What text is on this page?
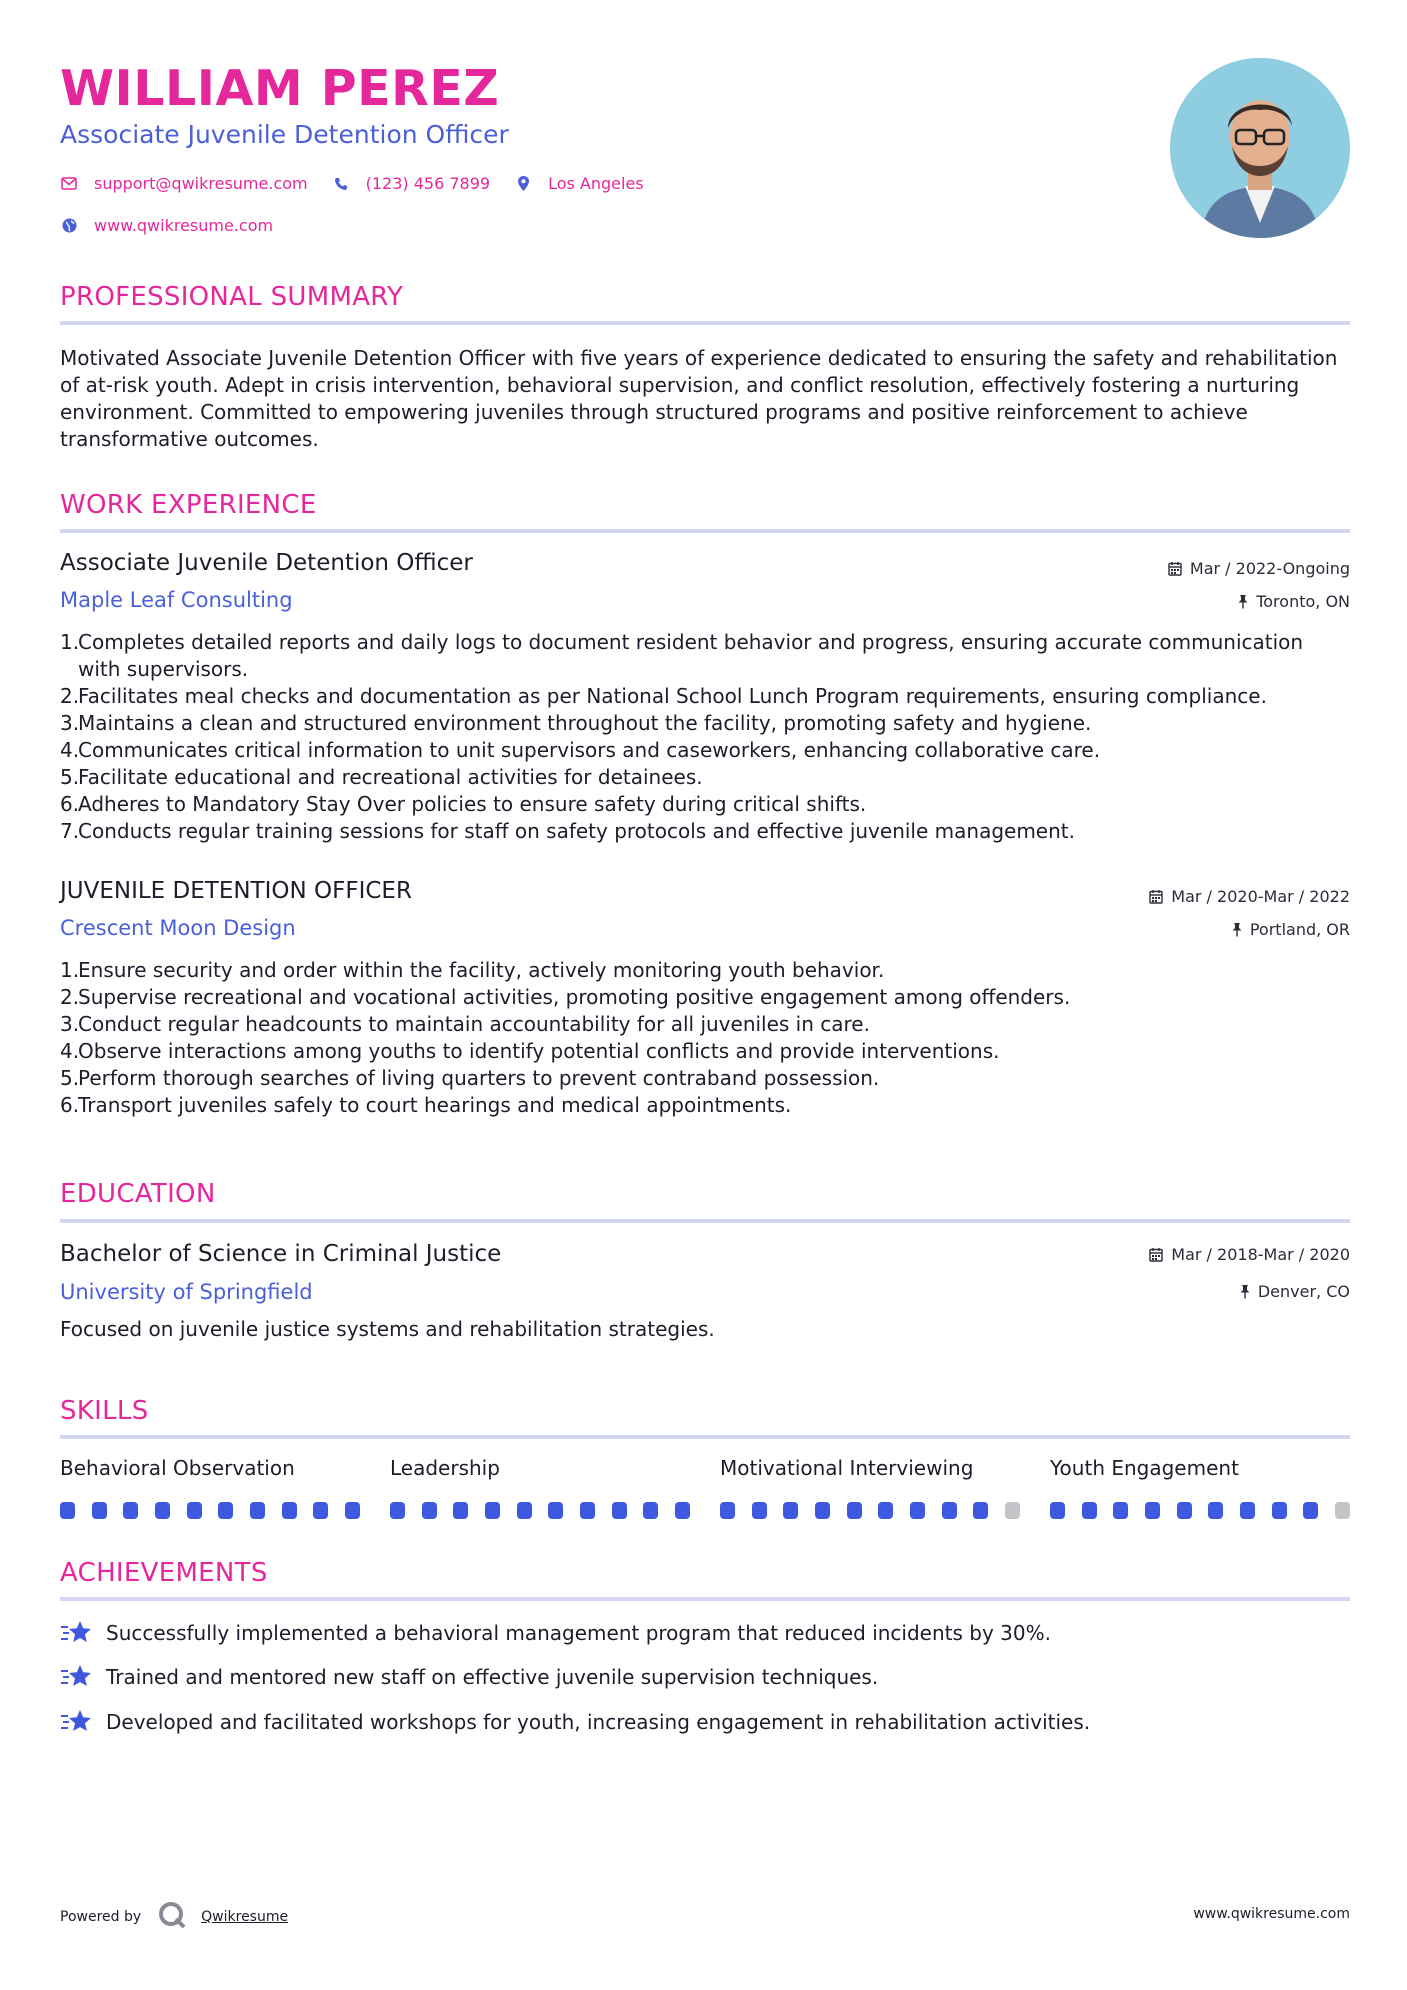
WILLIAM PEREZ
Associate Juvenile Detention Officer
support@qwikresume.com	(123) 456 7899	Los Angeles
www.qwikresume.com
PROFESSIONAL SUMMARY
Motivated Associate Juvenile Detention Officer with five years of experience dedicated to ensuring the safety and rehabilitation of at-risk youth. Adept in crisis intervention, behavioral supervision, and conflict resolution, effectively fostering a nurturing environment. Committed to empowering juveniles through structured programs and positive reinforcement to achieve transformative outcomes.
WORK EXPERIENCE
Associate Juvenile Detention Officer
Maple Leaf Consulting
Mar / 2022-Ongoing
Toronto, ON
1.
Completes detailed reports and daily logs to document resident behavior and progress, ensuring accurate communication with supervisors.
2.
Facilitates meal checks and documentation as per National School Lunch Program requirements, ensuring compliance.
3.
Maintains a clean and structured environment throughout the facility, promoting safety and hygiene.
4.
Communicates critical information to unit supervisors and caseworkers, enhancing collaborative care.
5.
Facilitate educational and recreational activities for detainees.
6.
Adheres to Mandatory Stay Over policies to ensure safety during critical shifts.
7.
Conducts regular training sessions for staff on safety protocols and effective juvenile management.
JUVENILE DETENTION OFFICER
Crescent Moon Design
Mar / 2020-Mar / 2022
Portland, OR
1.
Ensure security and order within the facility, actively monitoring youth behavior.
2.
Supervise recreational and vocational activities, promoting positive engagement among offenders.
3.
Conduct regular headcounts to maintain accountability for all juveniles in care.
4.
Observe interactions among youths to identify potential conflicts and provide interventions.
5.
Perform thorough searches of living quarters to prevent contraband possession.
6.
Transport juveniles safely to court hearings and medical appointments.
EDUCATION
Bachelor of Science in Criminal Justice
University of Springfield
Mar / 2018-Mar / 2020
Denver, CO
Focused on juvenile justice systems and rehabilitation strategies.
SKILLS
Behavioral Observation	Leadership	Motivational Interviewing	Youth Engagement
ACHIEVEMENTS
Successfully implemented a behavioral management program that reduced incidents by 30%.
Trained and mentored new staff on effective juvenile supervision techniques.
Developed and facilitated workshops for youth, increasing engagement in rehabilitation activities.
Powered by	Qwikresume	www.qwikresume.com
